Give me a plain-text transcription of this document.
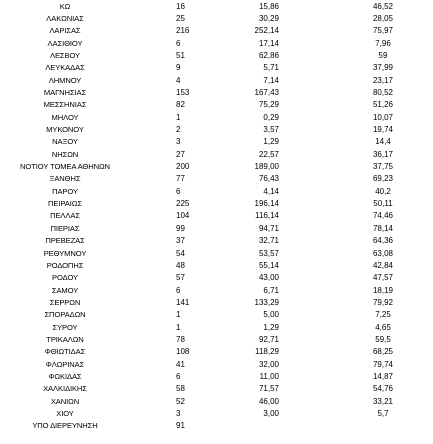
ΚΩ	16	15,86	46,52
ΛΑΚΩΝΙΑΣ	25	30,29	28,05
ΛΑΡΙΣΑΣ	216	252,14	75,97
ΛΑΣΙΘΙΟΥ	6	17,14	7,96
ΛΕΣΒΟΥ	51	62,86	59
ΛΕΥΚΑΔΑΣ	9	5,71	37,99
ΛΗΜΝΟΥ	4	7,14	23,17
ΜΑΓΝΗΣΙΑΣ	153	167,43	80,52
ΜΕΣΣΗΝΙΑΣ	82	75,29	51,26
ΜΗΛΟΥ	1	0,29	10,07
ΜΥΚΟΝΟΥ	2	3,57	19,74
ΝΑΞΟΥ	3	1,29	14,4
ΝΗΣΩΝ	27	22,57	36,17
ΝΟΤΙΟΥ ΤΟΜΕΑ ΑΘΗΝΩΝ	200	189,00	37,75
ΞΑΝΘΗΣ	77	76,43	69,23
ΠΑΡΟΥ	6	4,14	40,2
ΠΕΙΡΑΙΩΣ	225	196,14	50,11
ΠΕΛΛΑΣ	104	116,14	74,46
ΠΙΕΡΙΑΣ	99	94,71	78,14
ΠΡΕΒΕΖΑΣ	37	32,71	64,36
ΡΕΘΥΜΝΟΥ	54	53,57	63,08
ΡΟΔΟΠΗΣ	48	55,14	42,84
ΡΟΔΟΥ	57	43,00	47,57
ΣΑΜΟΥ	6	6,71	18,19
ΣΕΡΡΩΝ	141	133,29	79,92
ΣΠΟΡΑΔΩΝ	1	5,00	7,25
ΣΥΡΟΥ	1	1,29	4,65
ΤΡΙΚΑΛΩΝ	78	92,71	59,5
ΦΘΙΩΤΙΔΑΣ	108	118,29	68,25
ΦΛΩΡΙΝΑΣ	41	32,00	79,74
ΦΩΚΙΔΑΣ	6	11,00	14,87
ΧΑΛΚΙΔΙΚΗΣ	58	71,57	54,76
ΧΑΝΙΩΝ	52	46,00	33,21
ΧΙΟΥ	3	3,00	5,7
ΥΠΟ ΔΙΕΡΕΥΝΗΣΗ	91
